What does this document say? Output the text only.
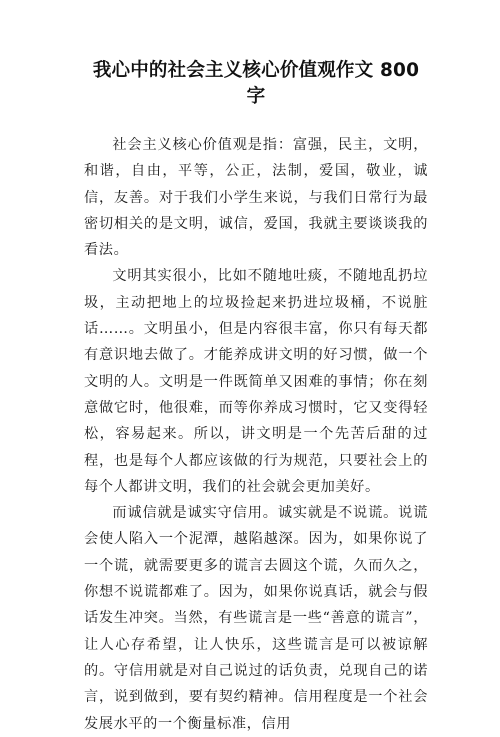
我心中的社会主义核心价值观作文 800 字

社会主义核心价值观是指：富强，民主，文明，和谐，自由，平等，公正，法制，爱国，敬业，诚信，友善。对于我们小学生来说，与我们日常行为最密切相关的是文明，诚信，爱国，我就主要谈谈我的看法。

文明其实很小，比如不随地吐痰，不随地乱扔垃圾，主动把地上的垃圾捡起来扔进垃圾桶，不说脏话……。文明虽小，但是内容很丰富，你只有每天都有意识地去做了。才能养成讲文明的好习惯，做一个文明的人。文明是一件既简单又困难的事情；你在刻意做它时，他很难，而等你养成习惯时，它又变得轻松，容易起来。所以，讲文明是一个先苦后甜的过程，也是每个人都应该做的行为规范，只要社会上的每个人都讲文明，我们的社会就会更加美好。

而诚信就是诚实守信用。诚实就是不说谎。说谎会使人陷入一个泥潭，越陷越深。因为，如果你说了一个谎，就需要更多的谎言去圆这个谎，久而久之，你想不说谎都难了。因为，如果你说真话，就会与假话发生冲突。当然，有些谎言是一些“善意的谎言”，让人心存希望，让人快乐，这些谎言是可以被谅解的。守信用就是对自己说过的话负责，兑现自己的诺言，说到做到，要有契约精神。信用程度是一个社会发展水平的一个衡量标准，信用
